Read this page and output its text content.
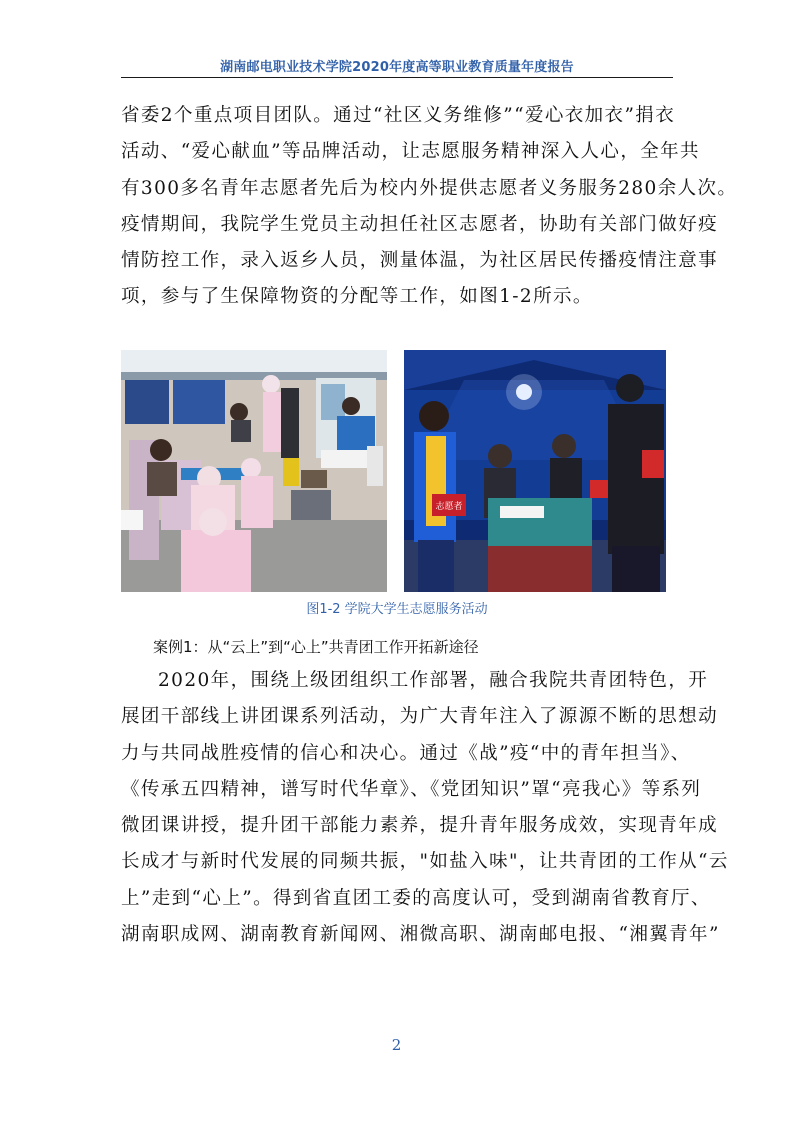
湖南邮电职业技术学院2020年度高等职业教育质量年度报告
省委2个重点项目团队。通过“社区义务维修”“爱心衣加衣”捐衣
活动、“爱心献血”等品牌活动，让志愿服务精神深入人心，全年共
有300多名青年志愿者先后为校内外提供志愿者义务服务280余人次。
疫情期间，我院学生党员主动担任社区志愿者，协助有关部门做好疫
情防控工作，录入返乡人员，测量体温，为社区居民传播疫情注意事
项，参与了生保障物资的分配等工作，如图1-2所示。
志愿者
图1-2 学院大学生志愿服务活动
案例1：从“云上”到“心上”共青团工作开拓新途径
2020年，围绕上级团组织工作部署，融合我院共青团特色，开
展团干部线上讲团课系列活动，为广大青年注入了源源不断的思想动
力与共同战胜疫情的信心和决心。通过《战”疫“中的青年担当》、
《传承五四精神，谱写时代华章》、《党团知识”罩“亮我心》等系列
微团课讲授，提升团干部能力素养，提升青年服务成效，实现青年成
长成才与新时代发展的同频共振，"如盐入味"，让共青团的工作从“云
上”走到“心上”。得到省直团工委的高度认可，受到湖南省教育厅、
湖南职成网、湖南教育新闻网、湘微高职、湖南邮电报、“湘翼青年”
2
